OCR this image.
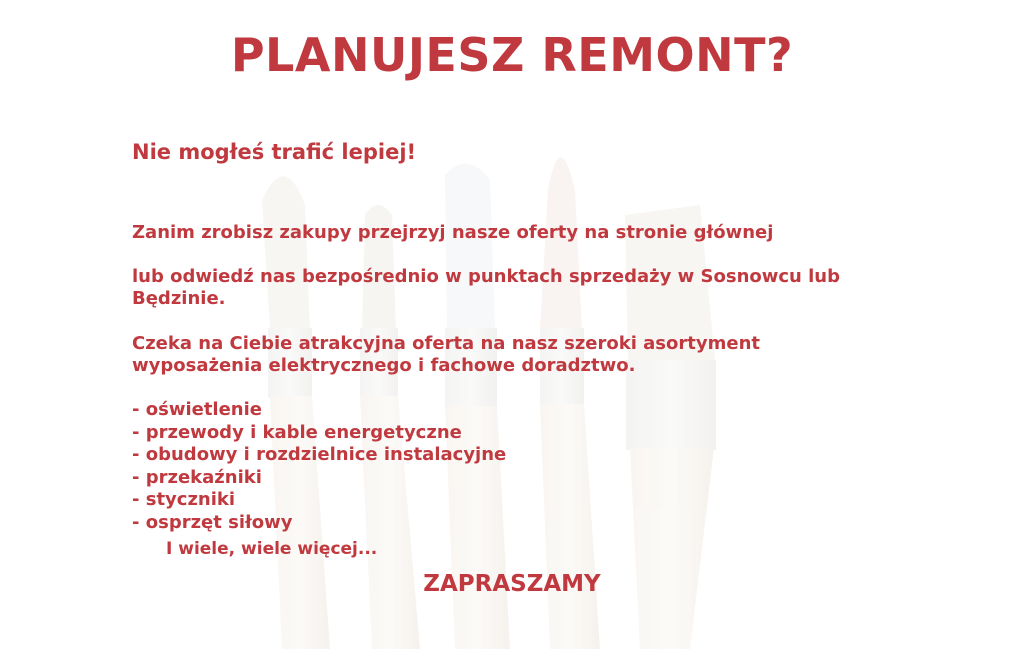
PLANUJESZ REMONT?

Nie mogłeś trafić lepiej!

Zanim zrobisz zakupy przejrzyj nasze oferty na stronie głównej

lub odwiedź nas bezpośrednio w punktach sprzedaży w Sosnowcu lub
Będzinie.

Czeka na Ciebie atrakcyjna oferta na nasz szeroki asortyment
wyposażenia elektrycznego i fachowe doradztwo.

- oświetlenie
- przewody i kable energetyczne
- obudowy i rozdzielnice instalacyjne
- przekaźniki
- styczniki
- osprzęt siłowy

I wiele, wiele więcej...

ZAPRASZAMY
